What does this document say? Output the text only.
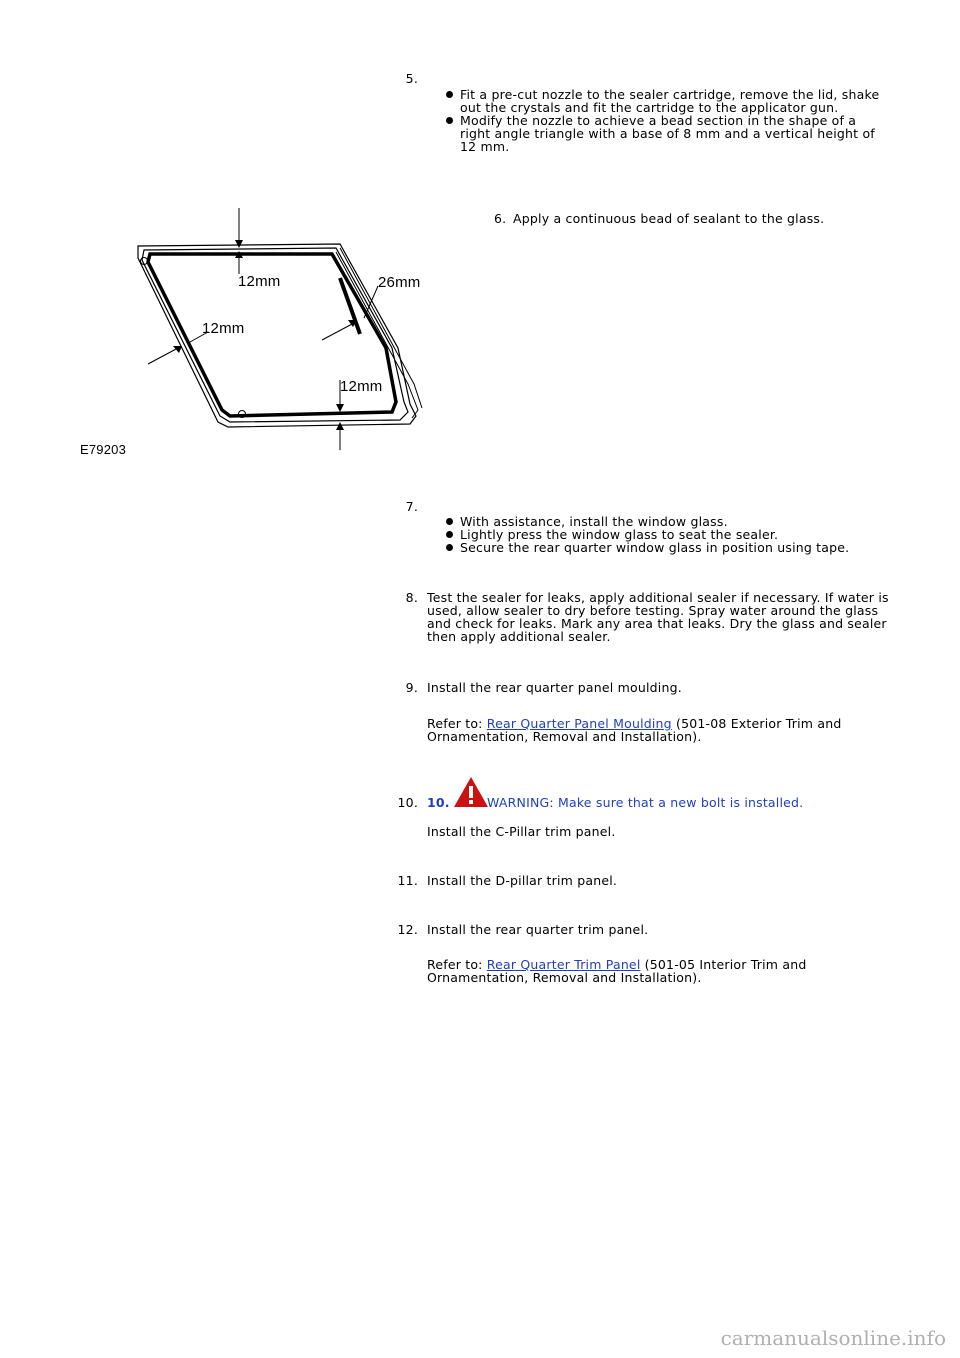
5.
Fit a pre-cut nozzle to the sealer cartridge, remove the lid, shake out the crystals and fit the cartridge to the applicator gun.
Modify the nozzle to achieve a bead section in the shape of a right angle triangle with a base of 8 mm and a vertical height of 12 mm.
6. Apply a continuous bead of sealant to the glass.
12mm
12mm
26mm
12mm
E79203
7.
With assistance, install the window glass.
Lightly press the window glass to seat the sealer.
Secure the rear quarter window glass in position using tape.
8. Test the sealer for leaks, apply additional sealer if necessary. If water is used, allow sealer to dry before testing. Spray water around the glass and check for leaks. Mark any area that leaks. Dry the glass and sealer then apply additional sealer.
9. Install the rear quarter panel moulding.
Refer to: Rear Quarter Panel Moulding (501-08 Exterior Trim and Ornamentation, Removal and Installation).
10. 10.	WARNING: Make sure that a new bolt is installed.
Install the C-Pillar trim panel.
11. Install the D-pillar trim panel.
12. Install the rear quarter trim panel.
Refer to: Rear Quarter Trim Panel (501-05 Interior Trim and Ornamentation, Removal and Installation).
carmanualsonline.info
